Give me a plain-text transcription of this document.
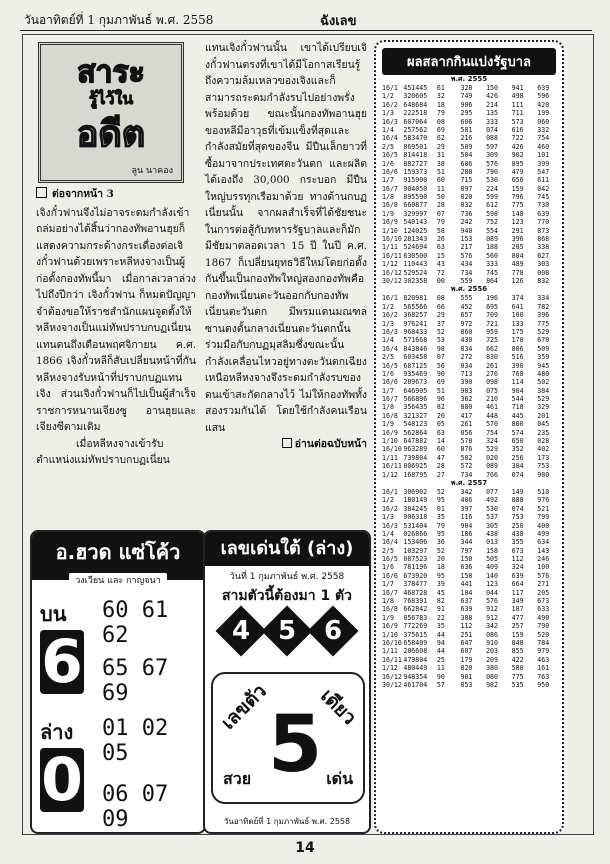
วันอาทิตย์ที่ 1 กุมภาพันธ์ พ.ศ. 2558	ฉังเลข
สาระ
รู้ไว้ใน
อดีต
ลูน นาคอง
ต่อจากหน้า 3

เจิงกั๋วฟานจึงไม่อาจระดมกำลังเข้าถล่มอย่างได้สิ้นว่ากองทัพอานฮุยก็แสดงความกระด้างกระเดื่องต่อเจิงกั๋วฟานด้วยเพราะหลีหงจางเป็นผู้ก่อตั้งกองทัพนี้มา เมื่อกาลเวลาล่วงไปถึงปีกว่า เจิงกั๋วฟาน ก็หมดปัญญา จำต้องขอให้ราชสำนักแผนจูดตั้งให้หลีหงจางเป็นแม่ทัพปราบกบฏเนี่ยนแทนตนถึงเดือนพฤศจิกายน ค.ศ. 1866 เจิงกั๋วหลีก็สับเปลี่ยนหน้าที่กัน หลีหงจางรับหน้าที่ปราบกบฏแทนเจิง ส่วนเจิงกั๋วฟานก็ไปเป็นผู้สำเร็จราชการหนานเจียงซู อานฮุยและเจียงซีตามเดิม

เมื่อหลีหงจางเข้ารับตำแหน่งแม่ทัพปราบกบฏเนี่ยน

แทนเจิงกั๋วฟานนั้น เขาได้เปรียบเจิงกั๋วฟานตรงที่เขาได้มีโอกาสเรียนรู้ถึงความล้มเหลวของเจิงและก็สามารถระดมกำลังรบไปอย่างพรั่งพร้อมด้วย ขณะนั้นกองทัพอานฮุยของหลีมีอาวุธที่เข้มแข็งที่สุดและกำลังสมัยที่สุดของจีน มีปืนเล็กยาวที่ซื้อมาจากประเทศตะวันตก และผลิตได้เองถึง 30,000 กระบอก มีปืนใหญ่บรรทุกเรือมาด้วย ทางด้านกบฏเนี่ยนนั้น จากผลสำเร็จที่ได้ชัยชนะในการต่อสู้กับทหารรัฐบาลและก็มักมีชัยมาตลอดเวลา 15 ปี ในปี ค.ศ. 1867 ก็เปลี่ยนยุทธวิธีใหม่โดยก่อตั้งกันขึ้นเป็นกองทัพใหญ่สองกองทัพคือ กองทัพเนี่ยนตะวันออกกับกองทัพเนี่ยนตะวันตก มีพรมแดนมณฑลซานตงตั้นกลางเนี่ยนตะวันตกนั้นร่วมมือกับกบฏมุสลิมซึ่งขณะนั้นกำลังเคลื่อนไหวอยู่ทางตะวันตกเฉียงเหนือหลีหงจางจึงระดมกำลังรบของตนเข้าสะกัดกลางไว้ ไม่ให้กองทัพทั้งสองรวมกันได้ โดยใช้กำลังคนเรือนแสน

อ่านต่อฉบับหน้า
อ.ฮวด แซ่โค้ว
วงเวียน และ กาญจนา
บน 60 61 62
6 65 67 69
ล่าง 01 02 05
0 06 07 09
เลขเด่นใต้ (ล่าง)
วันที่ 1 กุมภาพันธ์ พ.ศ. 2558
สามตัวนี้ต้องมา 1 ตัว
4	5	6
เลขตัว เดียว
5
สวย	เด่น
วันอาทิตย์ที่ 1 กุมภาพันธ์ พ.ศ. 2558
ผลสลากกินแบ่งรัฐบาล
พ.ศ. 2555
16/1 451445	61	328	150	941	639
1/2	320605	32	749	426	498	596
16/2 648684	18	906	214	111	420
1/3	222518	79	295	135	711	199
16/3 607064	08	606	333	573	060
1/4	257562	69	581	074	616	332
16/4 583470	62	216	088	722	754
2/5	869501	29	589	597	426	460
16/5 814418	31	504	309	902	101
1/6	882727	38	606	576	895	399
16/6 159373	51	288	790	479	547
1/7	915900	60	715	530	656	611
16/7 904050	11	897	224	159	042
1/8	895590	50	820	599	796	745
16/8 660877	28	032	612	775	730
1/9	329997	07	736	598	148	639
16/9 540143	79	242	752	123	770
1/10 124025	58	940	554	291	873
16/10 281343	26	153	089	396	868
1/11 524694	63	217	188	285	338
16/11 630500	15	576	560	804	627
1/12 110443	43	434	333	489	303
16/12 529524	72	734	745	778	008
30/12 302358	00	559	864	126	832
พ.ศ. 2556
16/1 820981	08	555	196	374	334
1/2	565566	66	452	695	641	782
16/2 368257	29	657	709	100	396
1/3	976241	37	972	721	133	775
16/3 968433	52	860	959	175	529
1/4	571668	53	430	725	170	670
16/4 843846	98	834	662	806	509
2/5	603458	07	272	830	516	359
16/5 687125	56	034	261	390	945
1/6	935469	90	713	276	768	480
16/6 289673	69	390	098	114	502
1/7	646905	51	903	075	904	384
16/7 566896	96	362	210	544	529
1/8	356435	82	880	461	718	329
16/8 321327	20	417	448	445	201
1/9	548123	05	261	570	800	045
16/9 562864	63	056	754	574	235
1/10 647882	14	578	324	650	028
16/10 963289	60	876	529	352	402
1/11 739804	47	502	020	256	173
16/11 806925	28	572	089	304	753
1/12 168795	27	734	766	074	980
พ.ศ. 2557
16/1 306902	52	342	077	149	510
1/2	180149	95	406	492	888	976
16/2 384245	01	397	530	074	521
1/3	906318	35	116	537	753	799
16/3 531404	79	904	305	250	400
1/4	026866	95	186	438	438	499
16/4 153406	36	344	013	355	634
2/5	103297	52	797	158	673	143
16/5 087523	20	150	505	112	246
1/6	781196	18	636	409	324	100
16/6 673920	95	158	140	639	576
1/7	378477	39	441	123	664	271
16/7 468728	45	104	044	117	205
1/8	768391	82	637	576	349	673
16/8 662842	91	639	912	187	633
1/9	856783	22	308	912	477	490
16/9 772269	35	112	342	257	790
1/10 375615	44	251	086	159	520
16/10 658409	94	647	910	848	784
1/11 206608	44	607	203	855	979
16/11 479804	25	179	209	422	463
1/12 480449	11	820	380	580	161
16/12 948354	90	901	080	775	763
30/12 461704	57	853	982	535	950
14
